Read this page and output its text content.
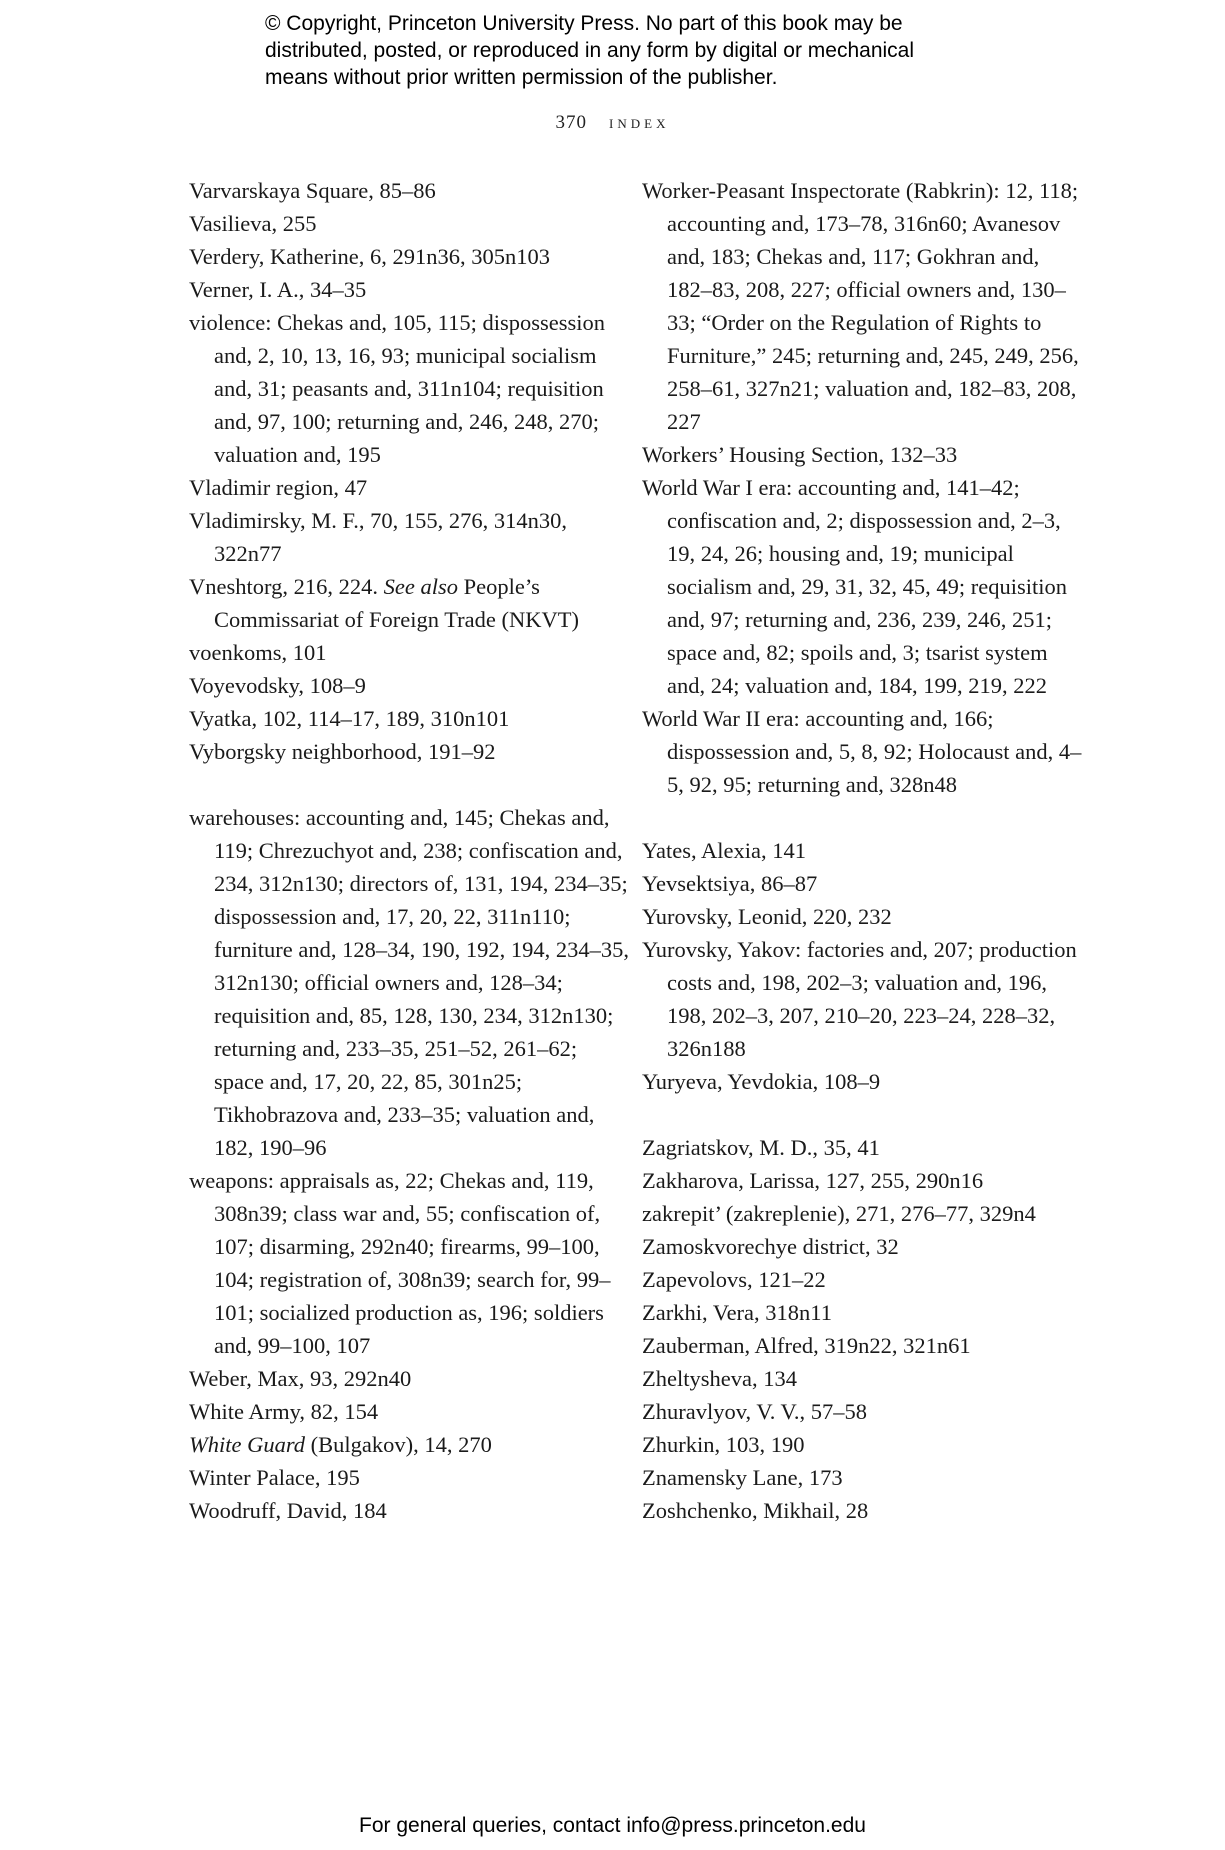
© Copyright, Princeton University Press. No part of this book may be
distributed, posted, or reproduced in any form by digital or mechanical
means without prior written permission of the publisher.
370 index
Varvarskaya Square, 85–86
Vasilieva, 255
Verdery, Katherine, 6, 291n36, 305n103
Verner, I. A., 34–35
violence: Chekas and, 105, 115; dispossession and, 2, 10, 13, 16, 93; municipal socialism and, 31; peasants and, 311n104; requisition and, 97, 100; returning and, 246, 248, 270; valuation and, 195
Vladimir region, 47
Vladimirsky, M. F., 70, 155, 276, 314n30, 322n77
Vneshtorg, 216, 224. See also People’s Commissariat of Foreign Trade (NKVT)
voenkoms, 101
Voyevodsky, 108–9
Vyatka, 102, 114–17, 189, 310n101
Vyborgsky neighborhood, 191–92
warehouses: accounting and, 145; Chekas and, 119; Chrezuchyot and, 238; confiscation and, 234, 312n130; directors of, 131, 194, 234–35; dispossession and, 17, 20, 22, 311n110; furniture and, 128–34, 190, 192, 194, 234–35, 312n130; official owners and, 128–34; requisition and, 85, 128, 130, 234, 312n130; returning and, 233–35, 251–52, 261–62; space and, 17, 20, 22, 85, 301n25; Tikhobrazova and, 233–35; valuation and, 182, 190–96
weapons: appraisals as, 22; Chekas and, 119, 308n39; class war and, 55; confiscation of, 107; disarming, 292n40; firearms, 99–100, 104; registration of, 308n39; search for, 99–101; socialized production as, 196; soldiers and, 99–100, 107
Weber, Max, 93, 292n40
White Army, 82, 154
White Guard (Bulgakov), 14, 270
Winter Palace, 195
Woodruff, David, 184
Worker-Peasant Inspectorate (Rabkrin): 12, 118; accounting and, 173–78, 316n60; Avanesov and, 183; Chekas and, 117; Gokhran and, 182–83, 208, 227; official owners and, 130–33; “Order on the Regulation of Rights to Furniture,” 245; returning and, 245, 249, 256, 258–61, 327n21; valuation and, 182–83, 208, 227
Workers’ Housing Section, 132–33
World War I era: accounting and, 141–42; confiscation and, 2; dispossession and, 2–3, 19, 24, 26; housing and, 19; municipal socialism and, 29, 31, 32, 45, 49; requisition and, 97; returning and, 236, 239, 246, 251; space and, 82; spoils and, 3; tsarist system and, 24; valuation and, 184, 199, 219, 222
World War II era: accounting and, 166; dispossession and, 5, 8, 92; Holocaust and, 4–5, 92, 95; returning and, 328n48
Yates, Alexia, 141
Yevsektsiya, 86–87
Yurovsky, Leonid, 220, 232
Yurovsky, Yakov: factories and, 207; production costs and, 198, 202–3; valuation and, 196, 198, 202–3, 207, 210–20, 223–24, 228–32, 326n188
Yuryeva, Yevdokia, 108–9
Zagriatskov, M. D., 35, 41
Zakharova, Larissa, 127, 255, 290n16
zakrepit’ (zakreplenie), 271, 276–77, 329n4
Zamoskvorechye district, 32
Zapevolovs, 121–22
Zarkhi, Vera, 318n11
Zauberman, Alfred, 319n22, 321n61
Zheltysheva, 134
Zhuravlyov, V. V., 57–58
Zhurkin, 103, 190
Znamensky Lane, 173
Zoshchenko, Mikhail, 28
For general queries, contact info@press.princeton.edu
